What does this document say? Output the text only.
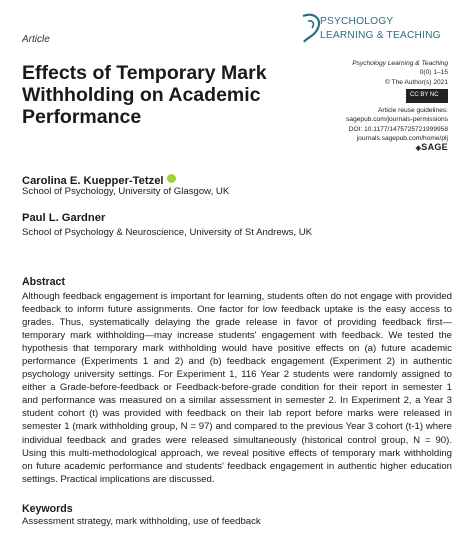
Article
PSYCHOLOGY
LEARNING & TEACHING
Effects of Temporary Mark Withholding on Academic Performance
Psychology Learning & Teaching
0(0) 1–15
© The Author(s) 2021
CC BY NC
Article reuse guidelines:
sagepub.com/journals-permissions
DOI: 10.1177/1475725721999958
journals.sagepub.com/home/plj
◈SAGE
Carolina E. Kuepper-Tetzel
School of Psychology, University of Glasgow, UK
Paul L. Gardner
School of Psychology & Neuroscience, University of St Andrews, UK
Abstract
Although feedback engagement is important for learning, students often do not engage with provided feedback to inform future assignments. One factor for low feedback uptake is the easy access to grades. Thus, systematically delaying the grade release in favor of providing feedback first—temporary mark withholding—may increase students' engagement with feedback. We tested the hypothesis that temporary mark withholding would have positive effects on (a) future academic performance (Experiments 1 and 2) and (b) feedback engagement (Experiment 2) in authentic psychology university settings. For Experiment 1, 116 Year 2 students were randomly assigned to either a Grade-before-feedback or Feedback-before-grade condition for their report in semester 1 and performance was measured on a similar assessment in semester 2. In Experiment 2, a Year 3 student cohort (t) was provided with feedback on their lab report before marks were released in semester 1 (mark withholding group, N = 97) and compared to the previous Year 3 cohort (t-1) where individual feedback and grades were released simultaneously (historical control group, N = 90). Using this multi-methodological approach, we reveal positive effects of temporary mark withholding on future academic performance and students' feedback engagement in authentic higher education settings. Practical implications are discussed.
Keywords
Assessment strategy, mark withholding, use of feedback
